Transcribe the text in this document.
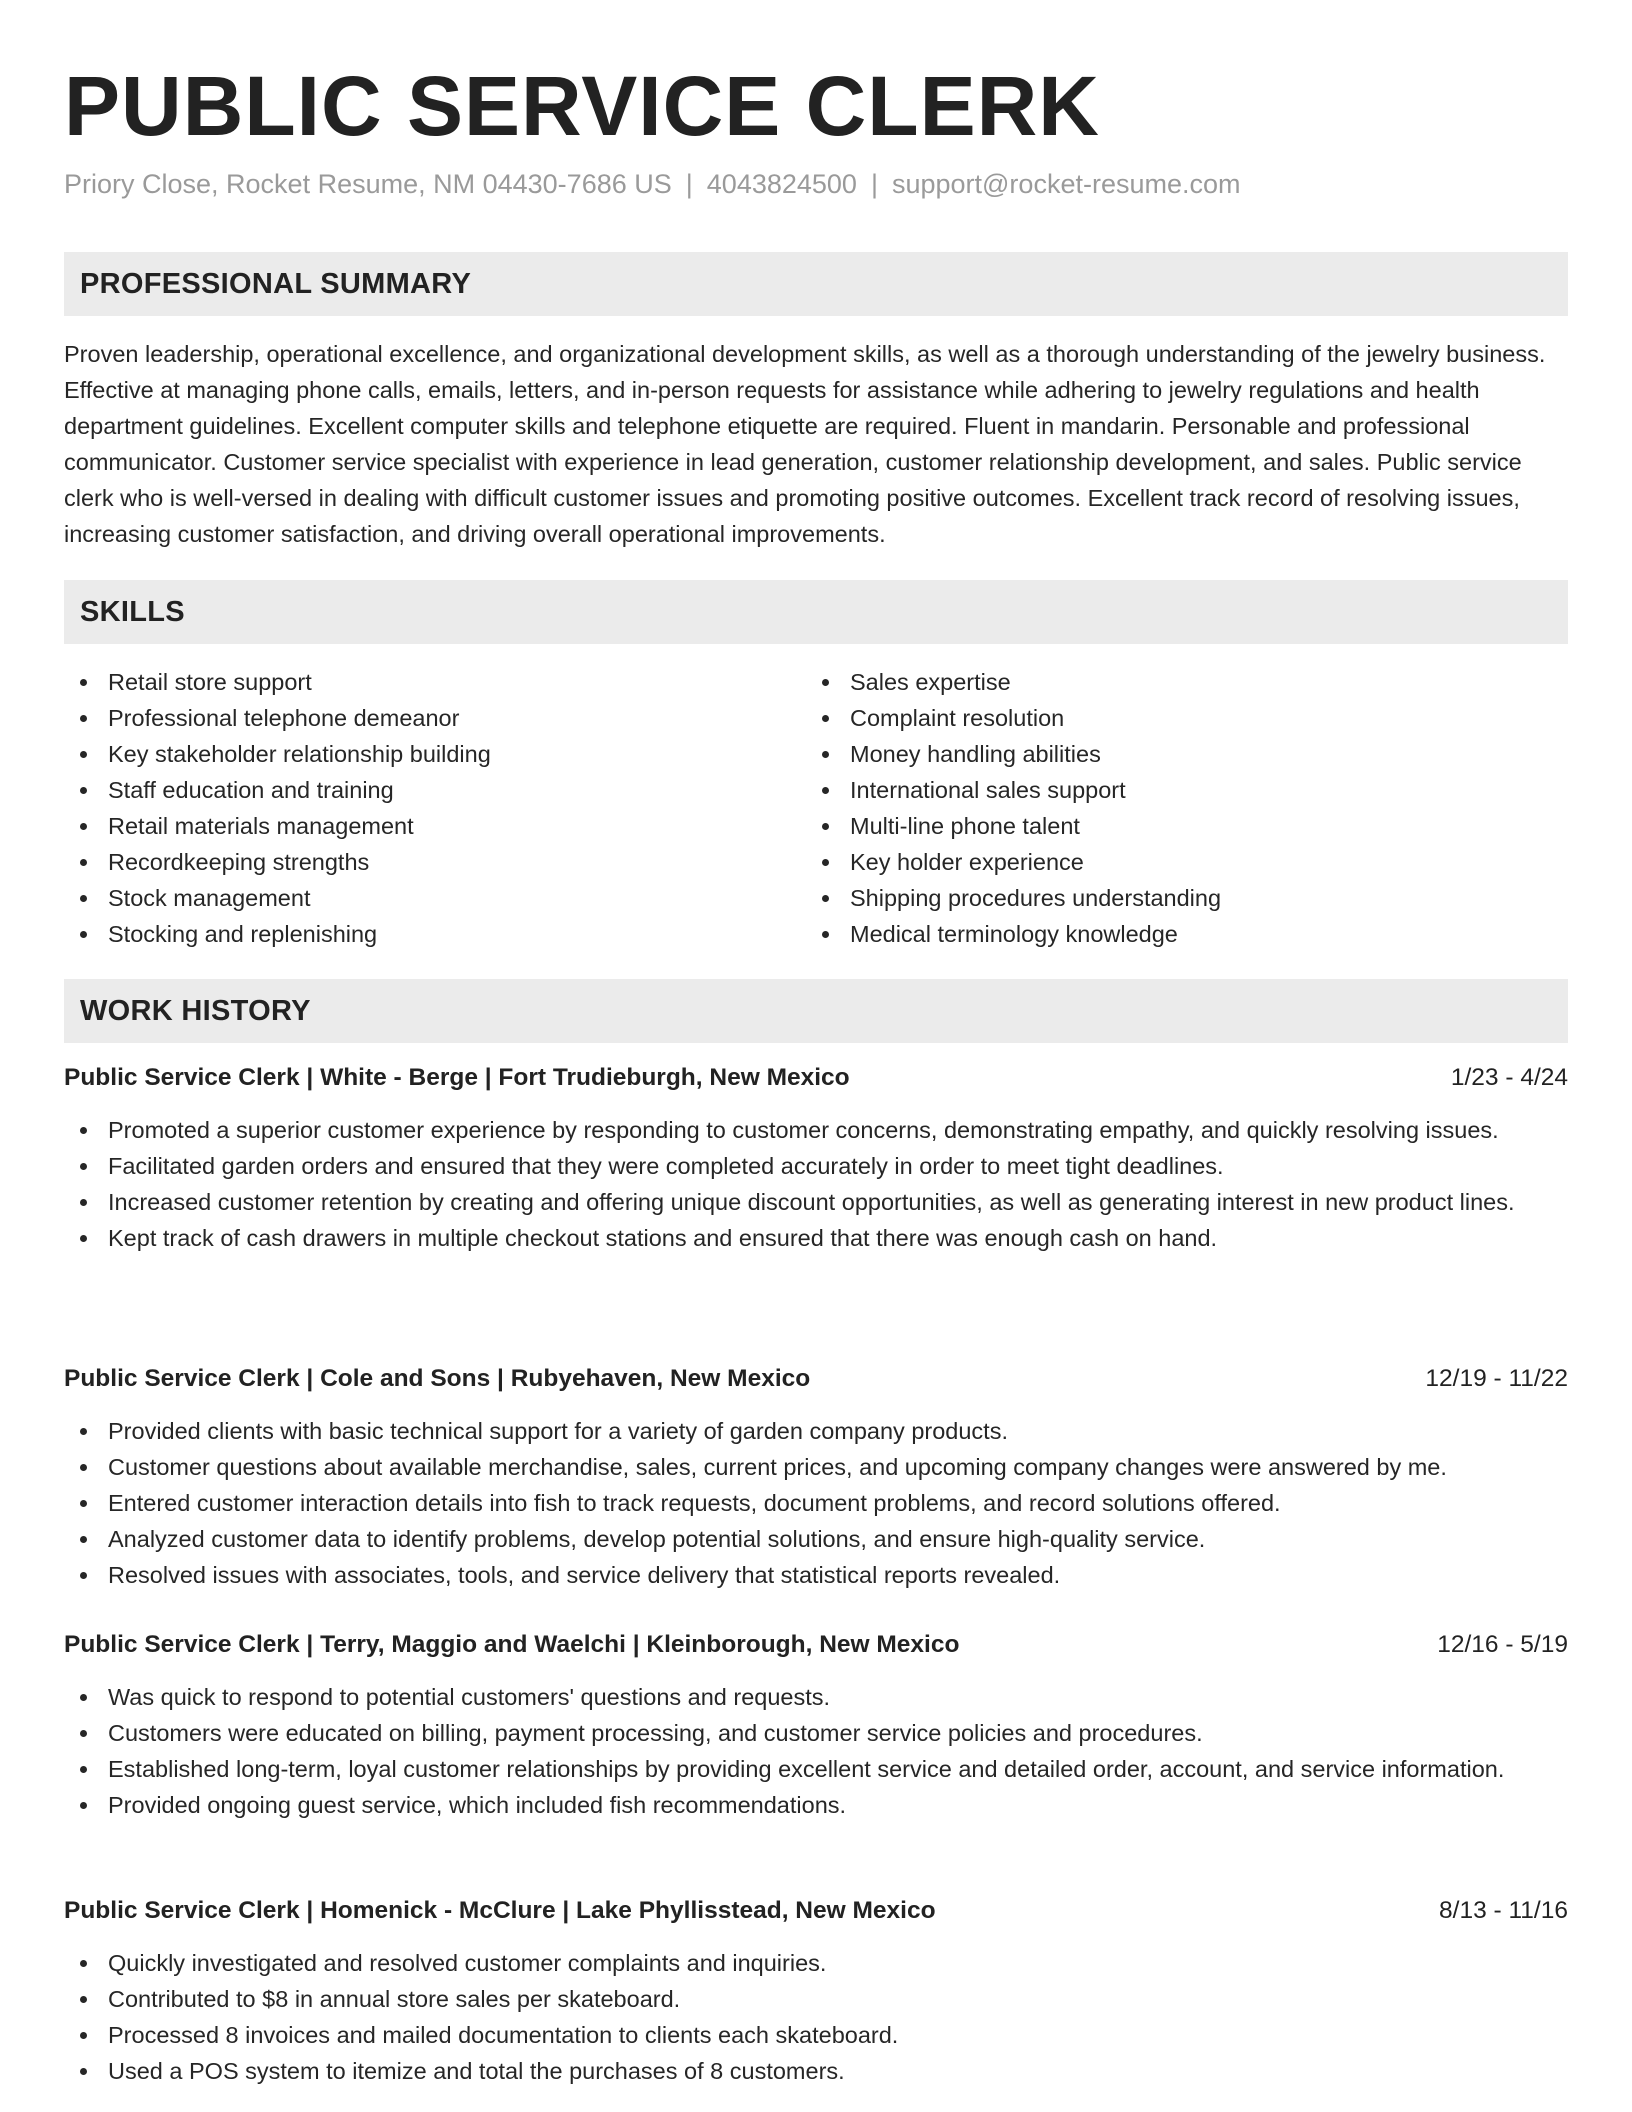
PUBLIC SERVICE CLERK
Priory Close, Rocket Resume, NM 04430-7686 US | 4043824500 | support@rocket-resume.com
PROFESSIONAL SUMMARY

Proven leadership, operational excellence, and organizational development skills, as well as a thorough understanding of the jewelry business. Effective at managing phone calls, emails, letters, and in-person requests for assistance while adhering to jewelry regulations and health department guidelines. Excellent computer skills and telephone etiquette are required. Fluent in mandarin. Personable and professional communicator. Customer service specialist with experience in lead generation, customer relationship development, and sales. Public service clerk who is well-versed in dealing with difficult customer issues and promoting positive outcomes. Excellent track record of resolving issues, increasing customer satisfaction, and driving overall operational improvements.

SKILLS
Retail store support
Professional telephone demeanor
Key stakeholder relationship building
Staff education and training
Retail materials management
Recordkeeping strengths
Stock management
Stocking and replenishing
Sales expertise
Complaint resolution
Money handling abilities
International sales support
Multi-line phone talent
Key holder experience
Shipping procedures understanding
Medical terminology knowledge
WORK HISTORY
Public Service Clerk | White - Berge | Fort Trudieburgh, New Mexico	1/23 - 4/24
Promoted a superior customer experience by responding to customer concerns, demonstrating empathy, and quickly resolving issues.
Facilitated garden orders and ensured that they were completed accurately in order to meet tight deadlines.
Increased customer retention by creating and offering unique discount opportunities, as well as generating interest in new product lines.
Kept track of cash drawers in multiple checkout stations and ensured that there was enough cash on hand.
Public Service Clerk | Cole and Sons | Rubyehaven, New Mexico	12/19 - 11/22
Provided clients with basic technical support for a variety of garden company products.
Customer questions about available merchandise, sales, current prices, and upcoming company changes were answered by me.
Entered customer interaction details into fish to track requests, document problems, and record solutions offered.
Analyzed customer data to identify problems, develop potential solutions, and ensure high-quality service.
Resolved issues with associates, tools, and service delivery that statistical reports revealed.
Public Service Clerk | Terry, Maggio and Waelchi | Kleinborough, New Mexico	12/16 - 5/19
Was quick to respond to potential customers' questions and requests.
Customers were educated on billing, payment processing, and customer service policies and procedures.
Established long-term, loyal customer relationships by providing excellent service and detailed order, account, and service information.
Provided ongoing guest service, which included fish recommendations.
Public Service Clerk | Homenick - McClure | Lake Phyllisstead, New Mexico	8/13 - 11/16
Quickly investigated and resolved customer complaints and inquiries.
Contributed to $8 in annual store sales per skateboard.
Processed 8 invoices and mailed documentation to clients each skateboard.
Used a POS system to itemize and total the purchases of 8 customers.
